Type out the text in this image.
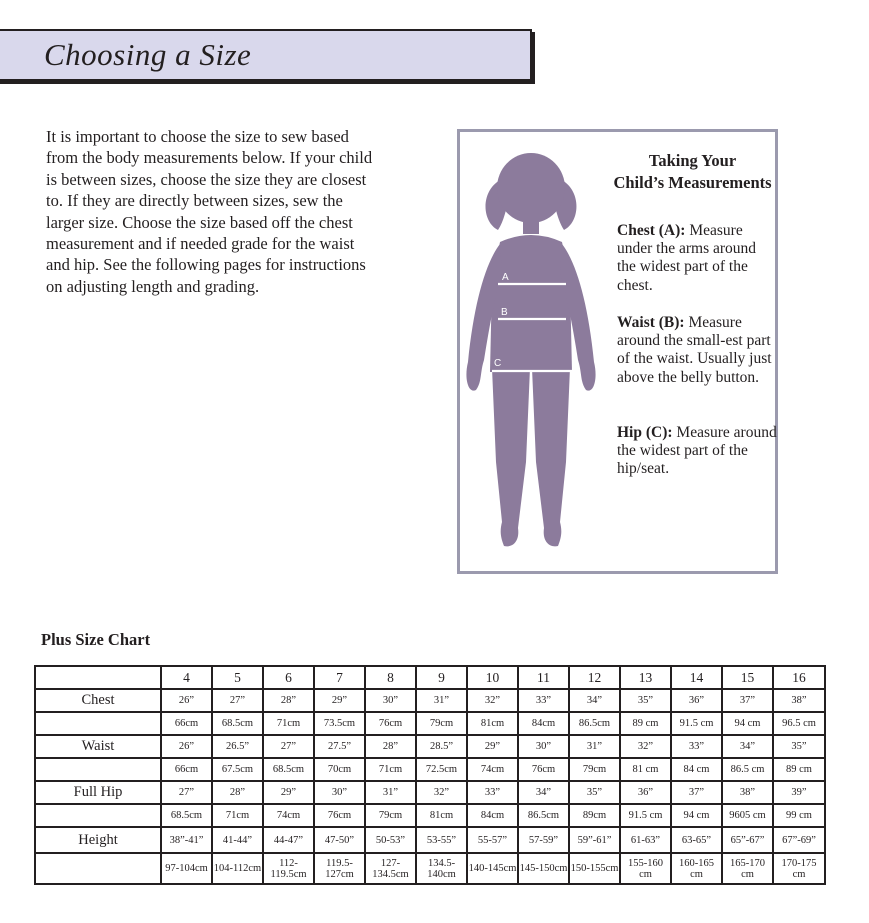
Choosing a Size
It is important to choose the size to sew based from the body measurements below. If your child is between sizes, choose the size they are closest to. If they are directly between sizes, sew the larger size. Choose the size based off the chest measurement and if needed grade for the waist and hip. See the following pages for instructions on adjusting length and grading.	A
B
C
Taking Your
Child’s Measurements
Chest (A): Measure under the arms around the widest part of the chest.
Waist (B): Measure around the small-est part of the waist. Usually just above the belly button.
Hip (C): Measure around the widest part of the hip/seat.
Plus Size Chart
	4	5	6	7	8	9	10	11	12	13	14	15	16
Chest	26”	27”	28”	29”	30”	31”	32”	33”	34”	35”	36”	37”	38”
	66cm	68.5cm	71cm	73.5cm	76cm	79cm	81cm	84cm	86.5cm	89 cm	91.5 cm	94 cm	96.5 cm
Waist	26”	26.5”	27”	27.5”	28”	28.5”	29”	30”	31”	32”	33”	34”	35”
	66cm	67.5cm	68.5cm	70cm	71cm	72.5cm	74cm	76cm	79cm	81 cm	84 cm	86.5 cm	89 cm
Full Hip	27”	28”	29”	30”	31”	32”	33”	34”	35”	36”	37”	38”	39”
	68.5cm	71cm	74cm	76cm	79cm	81cm	84cm	86.5cm	89cm	91.5 cm	94 cm	9605 cm	99 cm
Height	38”-41”	41-44”	44-47”	47-50”	50-53”	53-55”	55-57”	57-59”	59”-61”	61-63”	63-65”	65”-67”	67”-69”
	97-104cm	104-112cm	112-119.5cm	119.5-127cm	127-134.5cm	134.5-140cm	140-145cm	145-150cm	150-155cm	155-160 cm	160-165 cm	165-170 cm	170-175 cm
